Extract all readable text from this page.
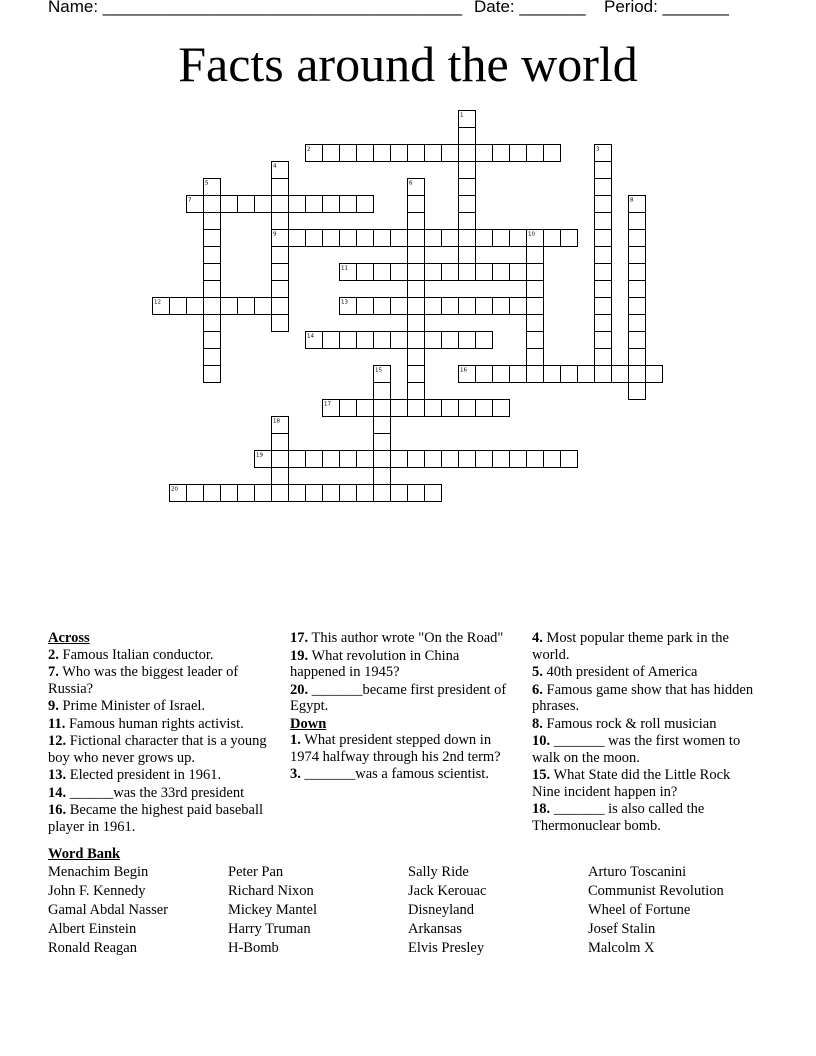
Name: ______________________________________ Date: _______ Period: _______
Facts around the world
2
7
9
11
12	13
14
16
17
19
20
1
3
4
5	6
8
10
15
18
Across
2. Famous Italian conductor.
7. Who was the biggest leader of Russia?
9. Prime Minister of Israel.
11. Famous human rights activist.
12. Fictional character that is a young boy who never grows up.
13. Elected president in 1961.
14. ______was the 33rd president
16. Became the highest paid baseball player in 1961.
17. This author wrote "On the Road"
19. What revolution in China happened in 1945?
20. _______became first president of Egypt.
Down
1. What president stepped down in 1974 halfway through his 2nd term?
3. _______was a famous scientist.
4. Most popular theme park in the world.
5. 40th president of America
6. Famous game show that has hidden phrases.
8. Famous rock & roll musician
10. _______ was the first women to walk on the moon.
15. What State did the Little Rock Nine incident happen in?
18. _______ is also called the Thermonuclear bomb.
Word Bank
Menachim Begin
John F. Kennedy
Gamal Abdal Nasser
Albert Einstein
Ronald Reagan
Peter Pan
Richard Nixon
Mickey Mantel
Harry Truman
H-Bomb
Sally Ride
Jack Kerouac
Disneyland
Arkansas
Elvis Presley
Arturo Toscanini
Communist Revolution
Wheel of Fortune
Josef Stalin
Malcolm X
